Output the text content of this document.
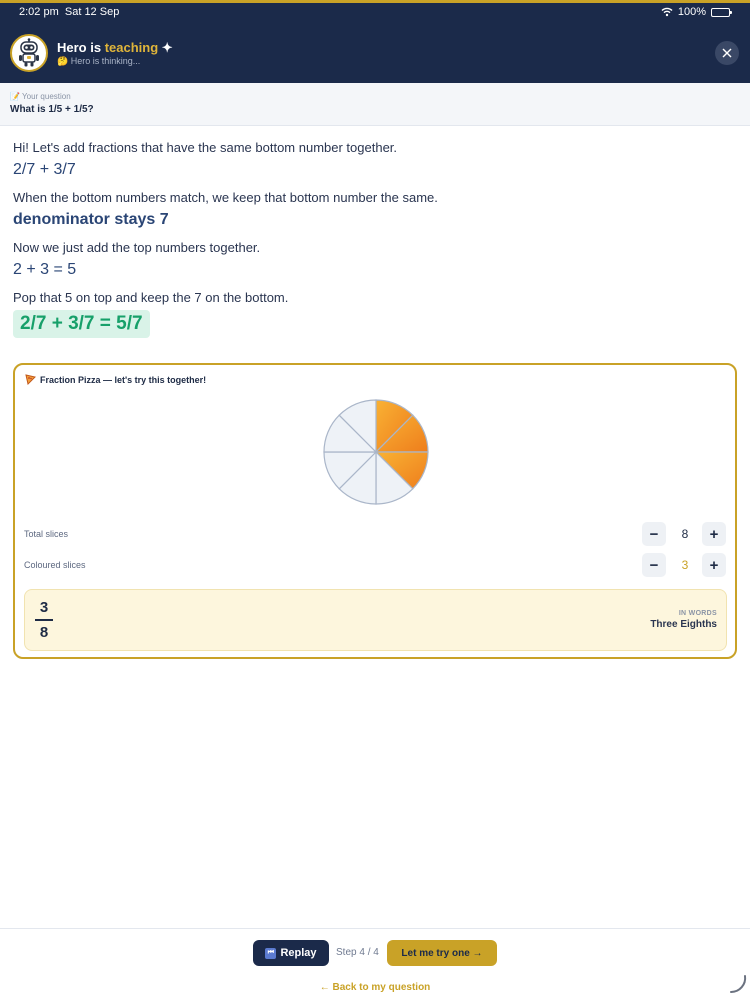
2:02 pm Sat 12 Sep	100%
Hero is teaching ✦
🤔 Hero is thinking...
📝 Your question
What is 1/5 + 1/5?
Hi! Let's add fractions that have the same bottom number together.
2/7 + 3/7
When the bottom numbers match, we keep that bottom number the same.
denominator stays 7
Now we just add the top numbers together.
2 + 3 = 5
Pop that 5 on top and keep the 7 on the bottom.
2/7 + 3/7 = 5/7
Fraction Pizza — let's try this together!
Total slices	−	8	+
Coloured slices	−	3	+
3
8
IN WORDS
Three Eighths
⏮ Replay Step 4 / 4	Let me try one →
← Back to my question
